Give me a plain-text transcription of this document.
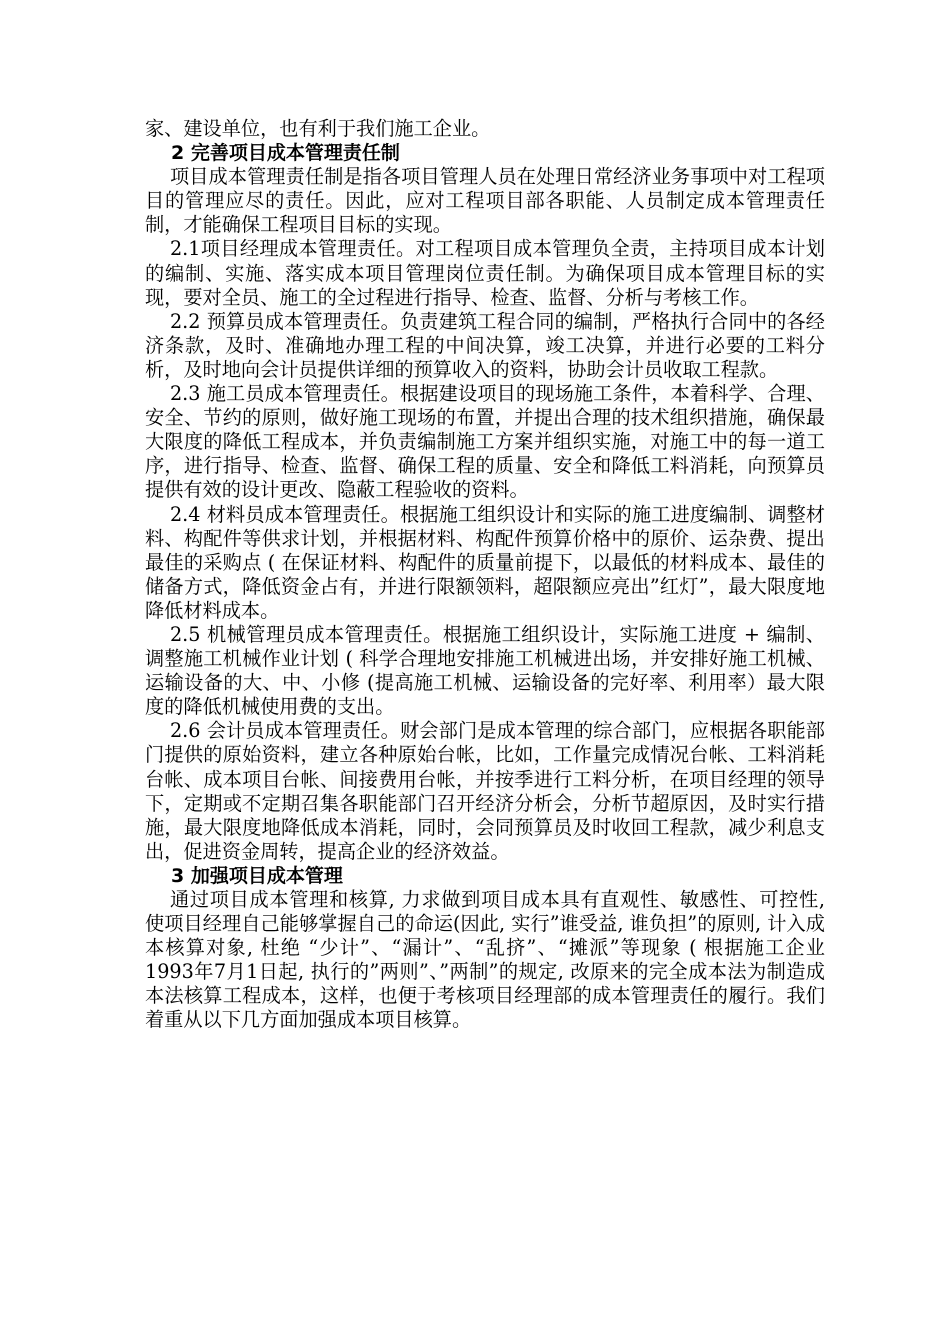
家、建设单位，也有利于我们施工企业。

2 完善项目成本管理责任制

项目成本管理责任制是指各项目管理人员在处理日常经济业务事项中对工程项目的管理应尽的责任。因此，应对工程项目部各职能、人员制定成本管理责任制，才能确保工程项目目标的实现。

2.1项目经理成本管理责任。对工程项目成本管理负全责，主持项目成本计划的编制、实施、落实成本项目管理岗位责任制。为确保项目成本管理目标的实现，要对全员、施工的全过程进行指导、检查、监督、分析与考核工作。

2.2 预算员成本管理责任。负责建筑工程合同的编制，严格执行合同中的各经济条款，及时、准确地办理工程的中间决算，竣工决算，并进行必要的工料分析，及时地向会计员提供详细的预算收入的资料，协助会计员收取工程款。

2.3 施工员成本管理责任。根据建设项目的现场施工条件，本着科学、合理、安全、节约的原则，做好施工现场的布置，并提出合理的技术组织措施，确保最大限度的降低工程成本，并负责编制施工方案并组织实施，对施工中的每一道工序，进行指导、检查、监督、确保工程的质量、安全和降低工料消耗，向预算员提供有效的设计更改、隐蔽工程验收的资料。

2.4 材料员成本管理责任。根据施工组织设计和实际的施工进度编制、调整材料、构配件等供求计划，并根据材料、构配件预算价格中的原价、运杂费、提出最佳的采购点 ( 在保证材料、构配件的质量前提下，以最低的材料成本、最佳的储备方式，降低资金占有，并进行限额领料，超限额应亮出”红灯”，最大限度地降低材料成本。

2.5 机械管理员成本管理责任。根据施工组织设计，实际施工进度 + 编制、调整施工机械作业计划 ( 科学合理地安排施工机械进出场，并安排好施工机械、运输设备的大、中、小修 (提高施工机械、运输设备的完好率、利用率）最大限度的降低机械使用费的支出。

2.6 会计员成本管理责任。财会部门是成本管理的综合部门，应根据各职能部门提供的原始资料，建立各种原始台帐，比如，工作量完成情况台帐、工料消耗台帐、成本项目台帐、间接费用台帐，并按季进行工料分析，在项目经理的领导下，定期或不定期召集各职能部门召开经济分析会，分析节超原因，及时实行措施，最大限度地降低成本消耗，同时，会同预算员及时收回工程款，减少利息支出，促进资金周转，提高企业的经济效益。

3 加强项目成本管理

通过项目成本管理和核算, 力求做到项目成本具有直观性、敏感性、可控性, 使项目经理自己能够掌握自己的命运(因此, 实行”谁受益, 谁负担”的原则, 计入成本核算对象, 杜绝 “少计”、“漏计”、“乱挤”、“摊派”等现象 ( 根据施工企业1993年7月1日起, 执行的”两则”、”两制”的规定, 改原来的完全成本法为制造成本法核算工程成本，这样，也便于考核项目经理部的成本管理责任的履行。我们着重从以下几方面加强成本项目核算。
